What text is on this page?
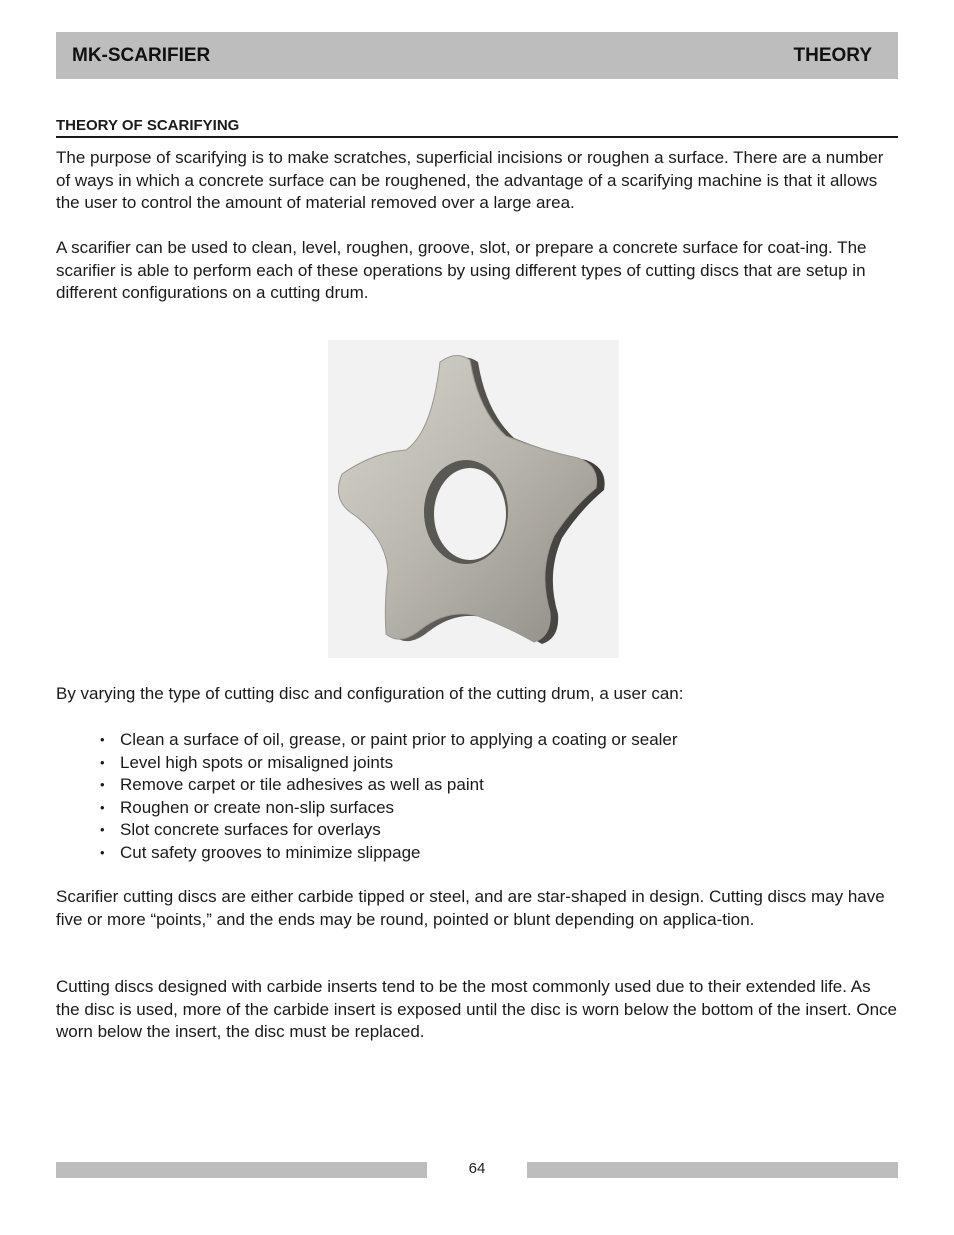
MK-SCARIFIER	THEORY
THEORY OF SCARIFYING

The purpose of scarifying is to make scratches, superficial incisions or roughen a surface. There are a number of ways in which a concrete surface can be roughened, the advantage of a scarifying machine is that it allows the user to control the amount of material removed over a large area.

A scarifier can be used to clean, level, roughen, groove, slot, or prepare a concrete surface for coat-ing. The scarifier is able to perform each of these operations by using different types of cutting discs that are setup in different configurations on a cutting drum.

By varying the type of cutting disc and configuration of the cutting drum, a user can:

• Clean a surface of oil, grease, or paint prior to applying a coating or sealer
• Level high spots or misaligned joints
• Remove carpet or tile adhesives as well as paint
• Roughen or create non-slip surfaces
• Slot concrete surfaces for overlays
• Cut safety grooves to minimize slippage

Scarifier cutting discs are either carbide tipped or steel, and are star-shaped in design. Cutting discs may have five or more “points,” and the ends may be round, pointed or blunt depending on applica-tion.

Cutting discs designed with carbide inserts tend to be the most commonly used due to their extended life. As the disc is used, more of the carbide insert is exposed until the disc is worn below the bottom of the insert. Once worn below the insert, the disc must be replaced.

64
